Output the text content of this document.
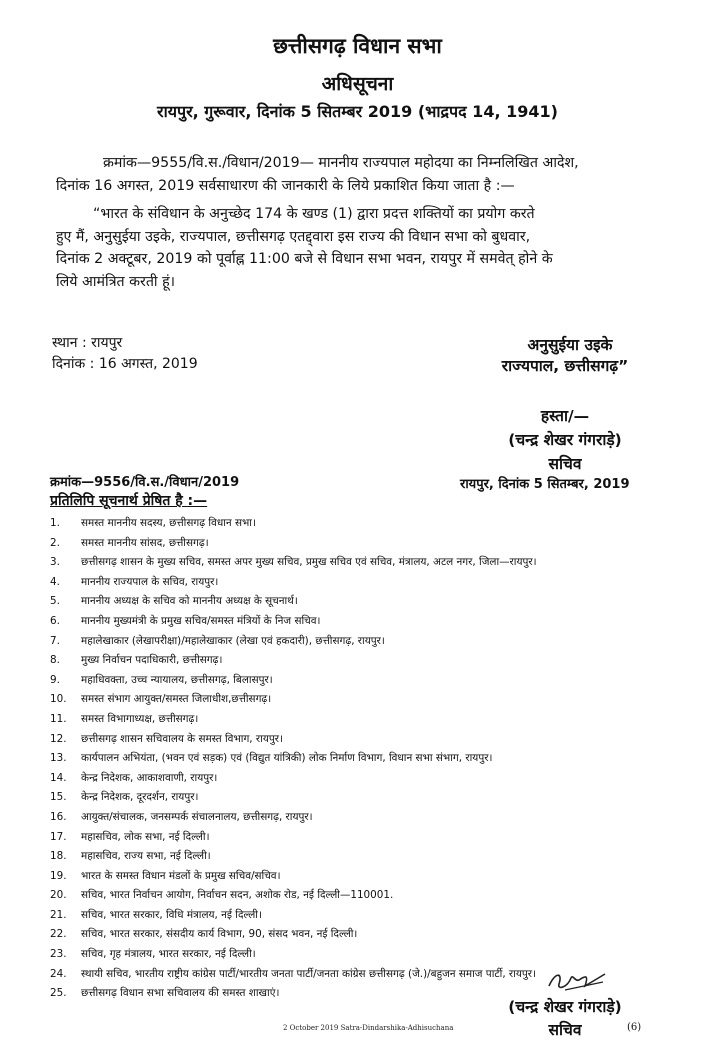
छत्तीसगढ़ विधान सभा
अधिसूचना
रायपुर, गुरूवार, दिनांक 5 सितम्बर 2019 (भाद्रपद 14, 1941)
क्रमांक—9555/वि.स./विधान/2019— माननीय राज्यपाल महोदया का निम्नलिखित आदेश,
दिनांक 16 अगस्त, 2019 सर्वसाधारण की जानकारी के लिये प्रकाशित किया जाता है :—
“भारत के संविधान के अनुच्छेद 174 के खण्ड (1) द्वारा प्रदत्त शक्तियों का प्रयोग करते
हुए मैं, अनुसुईया उइके, राज्यपाल, छत्तीसगढ़ एतद्द्वारा इस राज्य की विधान सभा को बुधवार,
दिनांक 2 अक्टूबर, 2019 को पूर्वाह्न 11:00 बजे से विधान सभा भवन, रायपुर में समवेत् होने के
लिये आमंत्रित करती हूं।
स्थान : रायपुर
दिनांक : 16 अगस्त, 2019
अनुसुईया उइके
राज्यपाल, छत्तीसगढ़”
हस्ता/—
(चन्द्र शेखर गंगराड़े)
सचिव
रायपुर, दिनांक 5 सितम्बर, 2019
क्रमांक—9556/वि.स./विधान/2019
प्रतिलिपि सूचनार्थ प्रेषित है :—
1. समस्त माननीय सदस्य, छत्तीसगढ़ विधान सभा।
2. समस्त माननीय सांसद, छत्तीसगढ़।
3. छत्तीसगढ़ शासन के मुख्य सचिव, समस्त अपर मुख्य सचिव, प्रमुख सचिव एवं सचिव, मंत्रालय, अटल नगर, जिला—रायपुर।
4. माननीय राज्यपाल के सचिव, रायपुर।
5. माननीय अध्यक्ष के सचिव को माननीय अध्यक्ष के सूचनार्थ।
6. माननीय मुख्यमंत्री के प्रमुख सचिव/समस्त मंत्रियों के निज सचिव।
7. महालेखाकार (लेखापरीक्षा)/महालेखाकार (लेखा एवं हकदारी), छत्तीसगढ़, रायपुर।
8. मुख्य निर्वाचन पदाधिकारी, छत्तीसगढ़।
9. महाधिवक्ता, उच्च न्यायालय, छत्तीसगढ़, बिलासपुर।
10. समस्त संभाग आयुक्त/समस्त जिलाधीश,छत्तीसगढ़।
11. समस्त विभागाध्यक्ष, छत्तीसगढ़।
12. छत्तीसगढ़ शासन सचिवालय के समस्त विभाग, रायपुर।
13. कार्यपालन अभियंता, (भवन एवं सड़क) एवं (विद्युत यांत्रिकी) लोक निर्माण विभाग, विधान सभा संभाग, रायपुर।
14. केन्द्र निदेशक, आकाशवाणी, रायपुर।
15. केन्द्र निदेशक, दूरदर्शन, रायपुर।
16. आयुक्त/संचालक, जनसम्पर्क संचालनालय, छत्तीसगढ़, रायपुर।
17. महासचिव, लोक सभा, नई दिल्ली।
18. महासचिव, राज्य सभा, नई दिल्ली।
19. भारत के समस्त विधान मंडलों के प्रमुख सचिव/सचिव।
20. सचिव, भारत निर्वाचन आयोग, निर्वाचन सदन, अशोक रोड, नई दिल्ली—110001.
21. सचिव, भारत सरकार, विधि मंत्रालय, नई दिल्ली।
22. सचिव, भारत सरकार, संसदीय कार्य विभाग, 90, संसद भवन, नई दिल्ली।
23. सचिव, गृह मंत्रालय, भारत सरकार, नई दिल्ली।
24. स्थायी सचिव, भारतीय राष्ट्रीय कांग्रेस पार्टी/भारतीय जनता पार्टी/जनता कांग्रेस छत्तीसगढ़ (जे.)/बहुजन समाज पार्टी, रायपुर।
25. छत्तीसगढ़ विधान सभा सचिवालय की समस्त शाखाएं।
(चन्द्र शेखर गंगराड़े)
सचिव
2 October 2019 Satra-Dindarshika-Adhisuchana	(6)
